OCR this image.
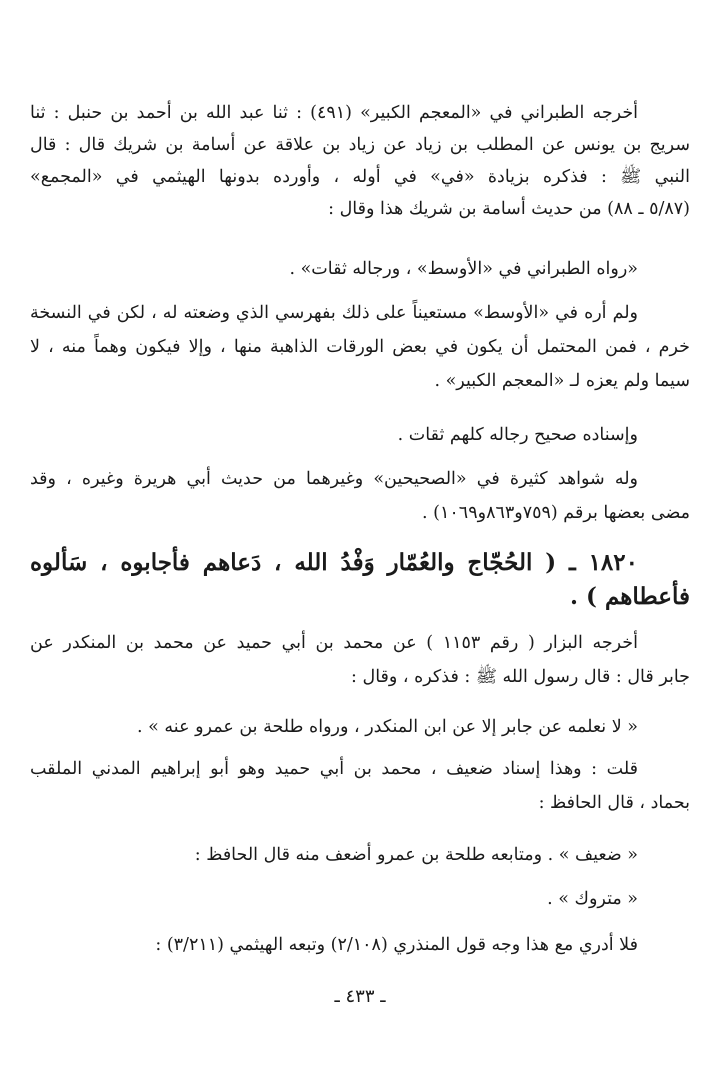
أخرجه الطبراني في «المعجم الكبير» (٤٩١) : ثنا عبد الله بن أحمد بن حنبل : ثنا
سريج بن يونس عن المطلب بن زياد عن زياد بن علاقة عن أسامة بن شريك قال : قال
النبي ﷺ : فذكره بزيادة «في» في أوله ، وأورده بدونها الهيثمي في «المجمع»
(٥/٨٧ ـ ٨٨) من حديث أسامة بن شريك هذا وقال :
«رواه الطبراني في «الأوسط» ، ورجاله ثقات» .
ولم أره في «الأوسط» مستعيناً على ذلك بفهرسي الذي وضعته له ، لكن في النسخة
خرم ، فمن المحتمل أن يكون في بعض الورقات الذاهبة منها ، وإلا فيكون وهماً منه ، لا
سيما ولم يعزه لـ «المعجم الكبير» .
وإسناده صحيح رجاله كلهم ثقات .
وله شواهد كثيرة في «الصحيحين» وغيرهما من حديث أبي هريرة وغيره ، وقد
مضى بعضها برقم (٧٥٩و٨٦٣و١٠٦٩) .
١٨٢٠ ـ ( الحُجّاج والعُمّار وَفْدُ الله ، دَعاهم فأجابوه ، سَألوه
فأعطاهم ) .
أخرجه البزار ( رقم ١١٥٣ ) عن محمد بن أبي حميد عن محمد بن المنكدر عن
جابر قال : قال رسول الله ﷺ : فذكره ، وقال :
« لا نعلمه عن جابر إلا عن ابن المنكدر ، ورواه طلحة بن عمرو عنه » .
قلت : وهذا إسناد ضعيف ، محمد بن أبي حميد وهو أبو إبراهيم المدني الملقب
بحماد ، قال الحافظ :
« ضعيف » . ومتابعه طلحة بن عمرو أضعف منه قال الحافظ :
« متروك » .
فلا أدري مع هذا وجه قول المنذري (٢/١٠٨) وتبعه الهيثمي (٣/٢١١) :
ـ ٤٣٣ ـ
